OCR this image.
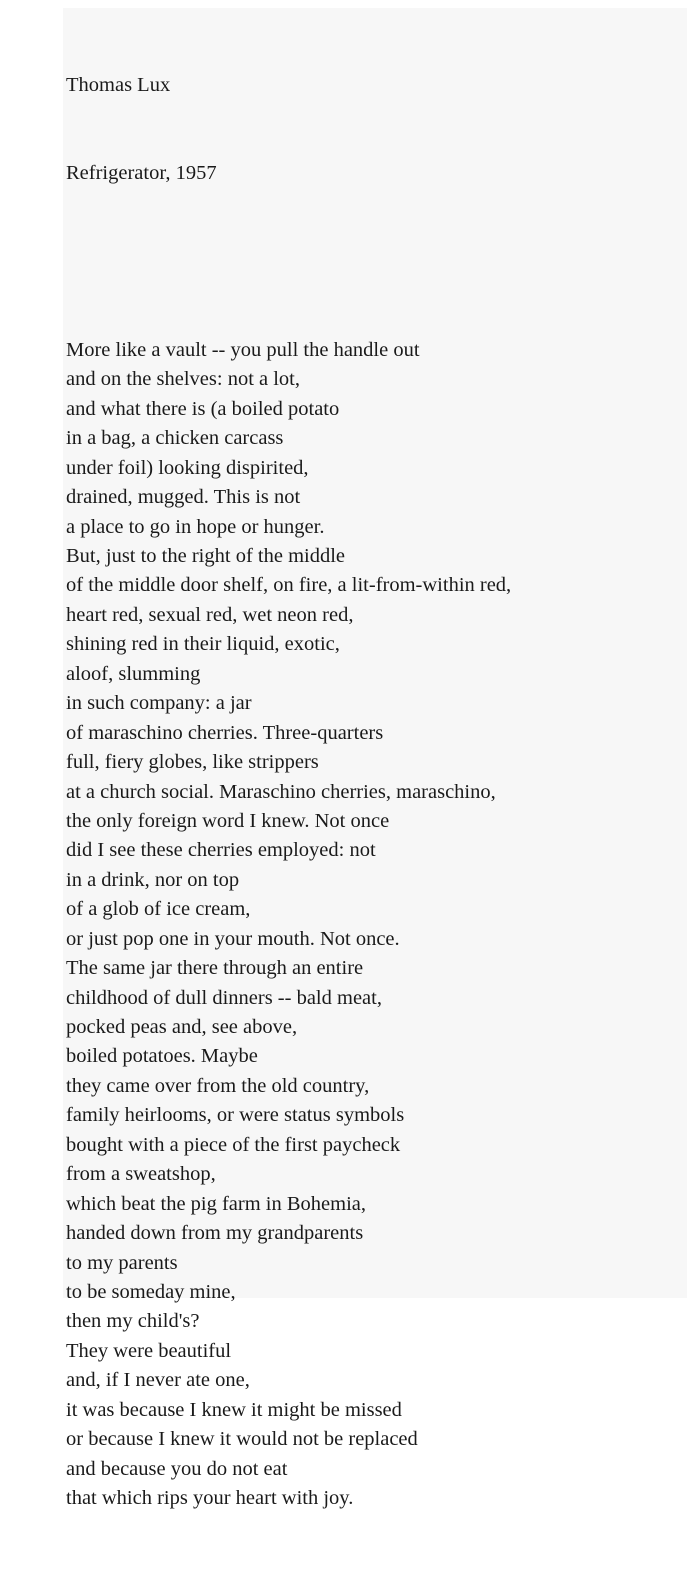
Thomas Lux

Refrigerator, 1957

More like a vault -- you pull the handle out
and on the shelves: not a lot,
and what there is (a boiled potato
in a bag, a chicken carcass
under foil) looking dispirited,
drained, mugged. This is not
a place to go in hope or hunger.
But, just to the right of the middle
of the middle door shelf, on fire, a lit-from-within red,
heart red, sexual red, wet neon red,
shining red in their liquid, exotic,
aloof, slumming
in such company: a jar
of maraschino cherries. Three-quarters
full, fiery globes, like strippers
at a church social. Maraschino cherries, maraschino,
the only foreign word I knew. Not once
did I see these cherries employed: not
in a drink, nor on top
of a glob of ice cream,
or just pop one in your mouth. Not once.
The same jar there through an entire
childhood of dull dinners -- bald meat,
pocked peas and, see above,
boiled potatoes. Maybe
they came over from the old country,
family heirlooms, or were status symbols
bought with a piece of the first paycheck
from a sweatshop,
which beat the pig farm in Bohemia,
handed down from my grandparents
to my parents
to be someday mine,
then my child's?
They were beautiful
and, if I never ate one,
it was because I knew it might be missed
or because I knew it would not be replaced
and because you do not eat
that which rips your heart with joy.
